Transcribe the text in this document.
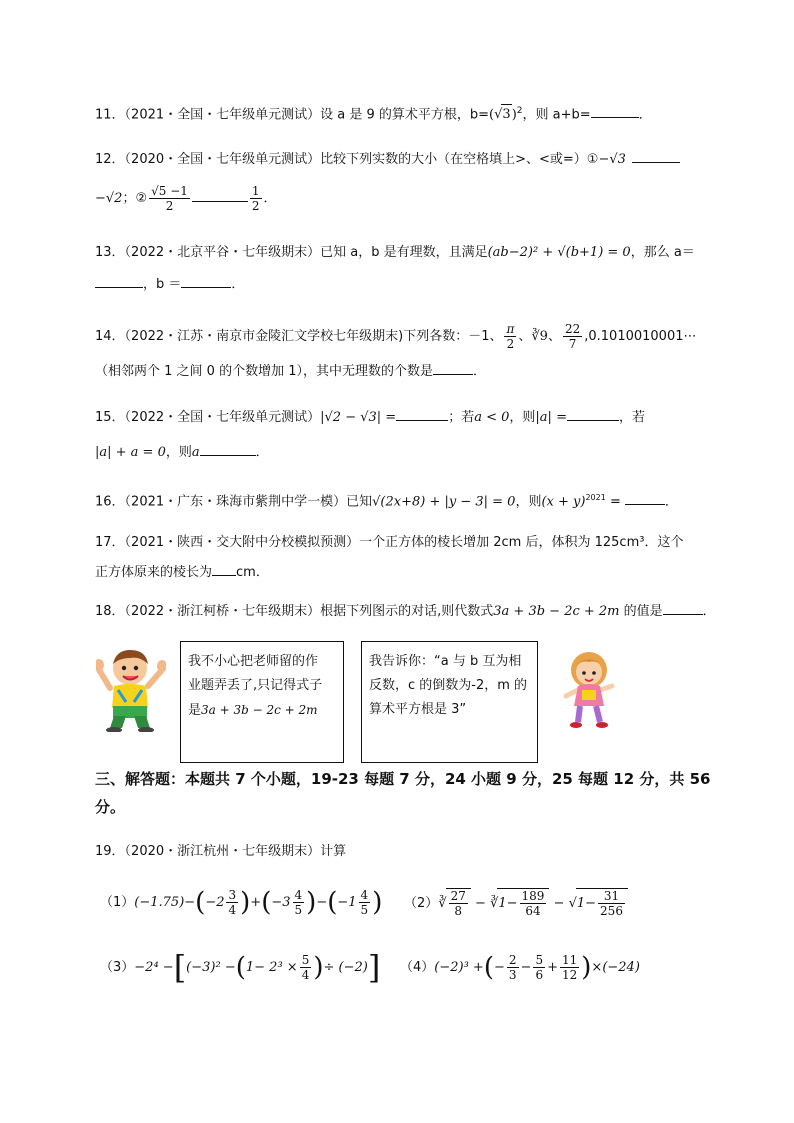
11．（2021・全国・七年级单元测试）设 a 是 9 的算术平方根，$b=(√3)^2$，则 a+b=	．
12．（2020・全国・七年级单元测试）比较下列实数的大小（在空格填上>、<或=）①−√3
−√2；② $\frac{√5 -1}{2}$	$\frac{1}{2}$ ．
13．（2022・北京平谷・七年级期末）已知 a，b 是有理数，且满足(ab−2)² + √(b+1) = 0，那么 a＝
，b ＝	．
14．（2022・江苏・南京市金陵汇文学校七年级期末)下列各数：－1、 $\frac{\pi}{2}$ 、∛9、 $\frac{22}{7}$ ,0.1010010001⋯
（相邻两个 1 之间 0 的个数增加 1），其中无理数的个数是	．
15．（2022・全国・七年级单元测试）|√2 − √3| =	；若a < 0，则|a| =	，若
|a| + a = 0，则a	．
16．（2021・广东・珠海市紫荆中学一模）已知√(2x+8) + |y − 3| = 0，则$(x + y)^{2021}$ =	．
17．（2021・陕西・交大附中分校模拟预测）一个正方体的棱长增加 2cm 后，体积为 125cm³．这个
正方体原来的棱长为 cm．
18．（2022・浙江柯桥・七年级期末）根据下列图示的对话,则代数式3a + 3b − 2c + 2m 的值是	．
我不小心把老师留的作
业题弄丢了,只记得式子
是3a + 3b − 2c + 2m
我告诉你：“a 与 b 互为相
反数，c 的倒数为-2，m 的
算术平方根是 3”
三、解答题：本题共 7 个小题，19-23 每题 7 分，24 小题 9 分，25 每题 12 分，共 56
分。
19．（2020・浙江杭州・七年级期末）计算
$(1)(-1.75)-(-2 \frac{3}{4} )+(-3 \frac{4}{5} )-(-1 \frac{4}{5}$ ) （2）∛ $\frac{27}{8}$ − ∛1− $\frac{189}{64} - √1- \frac{31}{256}$
$(3)-2^4 -[(-3)^2 -(1- 2^3 \times \frac{5}{4}$ )÷ (−2)] （4）(−2)³ +(− $\frac{2}{3} - \frac{5}{6} + \frac{11}{12} )\times(-24)$
